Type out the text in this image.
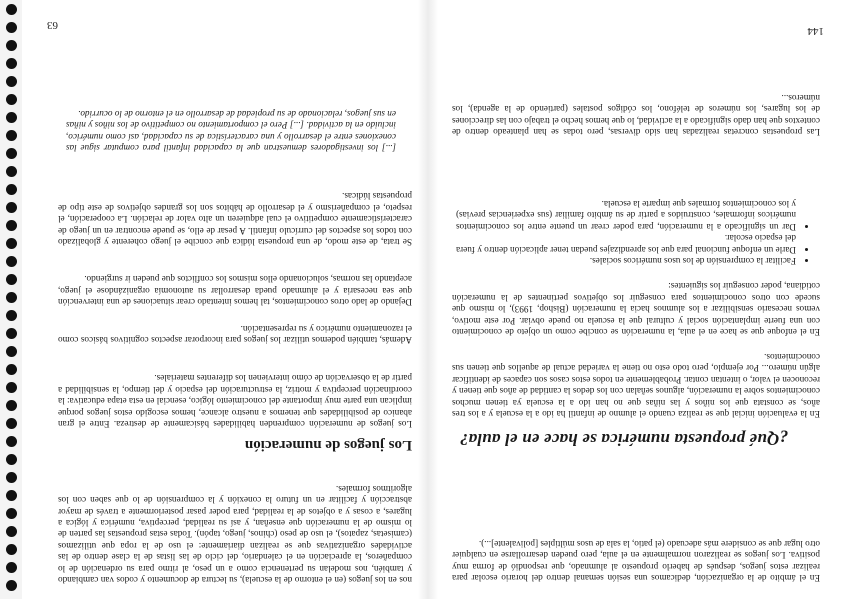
144

En el ámbito de la organización, dedicamos una sesión semanal dentro del horario escolar para realizar estos juegos, después de haberlo propuesto al alumnado, que respondió de forma muy positiva. Los juegos se realizaron normalmente en el aula, pero pueden desarrollarse en cualquier otro lugar que se considere más adecuado (el patio, la sala de usos múltiples [polivalente]...).

¿Qué propuesta numérica se hace en el aula?

En la evaluación inicial que se realiza cuando el alumno de infantil ha ido a la escuela y a los tres años, se constata que los niños y las niñas que no han ido a la escuela ya tienen muchos conocimientos sobre la numeración, algunos señalan con los dedos la cantidad de años que tienen y reconocen el valor, o intentan contar. Probablemente en todos estos casos son capaces de identificar algún número... Por ejemplo, pero todo esto no tiene la variedad actual de aquellos que tienen sus conocimientos.

En el enfoque que se hace en el aula, la numeración se concibe como un objeto de conocimiento con una fuerte implantación social y cultural que la escuela no puede obviar. Por este motivo, vemos necesario sensibilizar a los alumnos hacia la numeración (Bishop, 1993), lo mismo que sucede con otros conocimientos para conseguir los objetivos pertinentes de la numeración cotidiana, poder conseguir los siguientes:

• Facilitar la comprensión de los usos numéricos sociales.
• Darle un enfoque funcional para que los aprendizajes puedan tener aplicación dentro y fuera del espacio escolar.
• Dar un significado a la numeración, para poder crear un puente entre los conocimientos numéricos informales, construidos a partir de su ámbito familiar (sus experiencias previas) y los conocimientos formales que imparte la escuela.

Las propuestas concretas realizadas han sido diversas, pero todas se han planteado dentro de contextos que han dado significado a la actividad, lo que hemos hecho el trabajo con las direcciones de los lugares, los números de teléfono, los códigos postales (partiendo de la agenda), los números...

63

nos en los juegos (en el entorno de la escuela), su lectura de documento y codos van cambiando y también, nos modelan su pertenencia como a un peso, al ritmo para su ordenación de lo compañeros, la apreciación en el calendario, del ciclo de las listas de la clase dentro de las actividades organizativas que se realizan diariamente: el uso de la ropa que utilizamos (camisetas, zapatos), el uso de peso (chinos, juego, tapón). Todas estas propuestas las parten de lo mismo de la numeración que enseñan, y así su realidad, perceptiva, numérica y lógica a lugares, a cosas y a objetos de la realidad, para poder pasar posteriormente a través de mayor abstracción y facilitar en un futuro la conexión y la comprensión de lo que saben con los algoritmos formales.

Los juegos de numeración

Los juegos de numeración comprenden habilidades básicamente de destreza. Entre el gran abanico de posibilidades que tenemos a nuestro alcance, hemos escogido estos juegos porque implican una parte muy importante del conocimiento lógico, esencial en esta etapa educativa: la coordinación perceptiva y motriz, la estructuración del espacio y del tiempo, la sensibilidad a partir de la observación de cómo intervienen los diferentes materiales.

Además, también podemos utilizar los juegos para incorporar aspectos cognitivos básicos como el razonamiento numérico y su representación.

Dejando de lado otros conocimientos, tal hemos intentado crear situaciones de una intervención que sea necesaria y el alumnado pueda desarrollar su autonomía organizándose el juego, aceptando las normas, solucionando ellos mismos los conflictos que pueden ir surgiendo.

Se trata, de este modo, de una propuesta lúdica que concibe el juego coherente y globalizado con todos los aspectos del currículo infantil. A pesar de ello, se puede encontrar en un juego de característicamente competitivo el cual adquieren un alto valor de relación. La cooperación, el respeto, el compañerismo y el desarrollo de hábitos son los grandes objetivos de este tipo de propuestas lúdicas.

[...] los investigadores demuestran que la capacidad infantil para computar sigue las conexiones entre el desarrollo y una característica de su capacidad, así como numérico, incluido en la actividad. [...] Pero el comportamiento no competitivo de los niños y niñas en sus juegos, relacionado de su propiedad de desarrollo en el entorno de lo ocurrido.
